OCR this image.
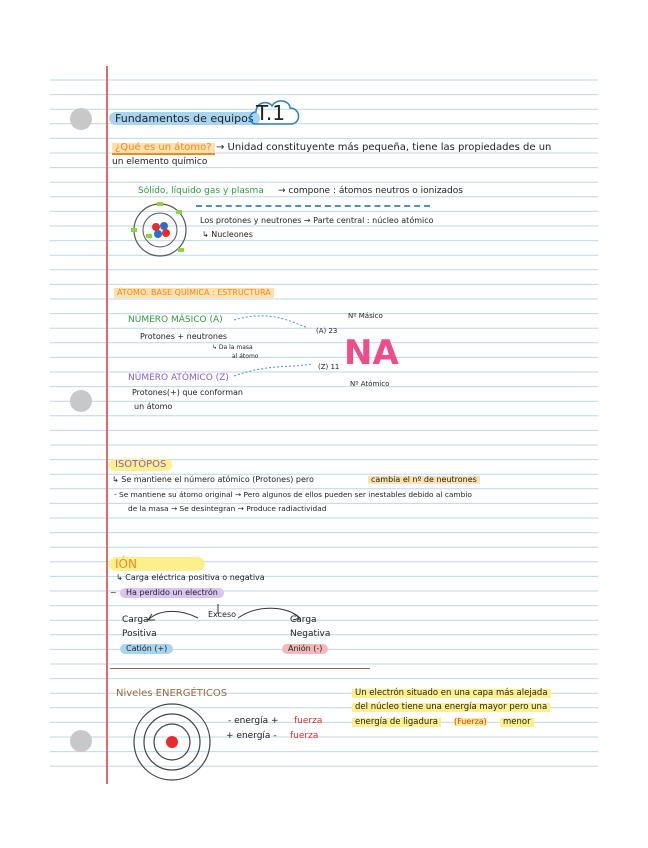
Fundamentos de equipos T.1
¿Qué es un átomo? → Unidad constituyente más pequeña, tiene las propiedades de un
un elemento químico
Sólido, líquido gas y plasma → compone : átomos neutros o ionizados
Los protones y neutrones → Parte central : núcleo atómico
↳ Nucleones
ÁTOMO. BASE QUÍMICA : ESTRUCTURA
NÚMERO MÁSICO (A)
Protones + neutrones
↳ Da la masa
al átomo
NÚMERO ATÓMICO (Z)
Protones(+) que conforman
un átomo
(A) 23
(Z) 11 NA
Nº Másico
Nº Atómico
ISOTÓPOS
↳ Se mantiene el número atómico (Protones) pero	cambia el nº de neutrones
- Se mantiene su átomo original → Pero algunos de ellos pueden ser inestables debido al cambio
de la masa → Se desintegran → Produce radiactividad
IÓN
↳ Carga eléctrica positiva o negativa
~	Ha perdido un electrón
Exceso
Carga
Positiva
Catión (+)
Carga
Negativa
Anión (-)
Niveles ENERGÉTICOS
- energía + fuerza
+ energía - fuerza
Un electrón situado en una capa más alejada
del núcleo tiene una energía mayor pero una
energía de ligadura	(Fuerza)	menor
